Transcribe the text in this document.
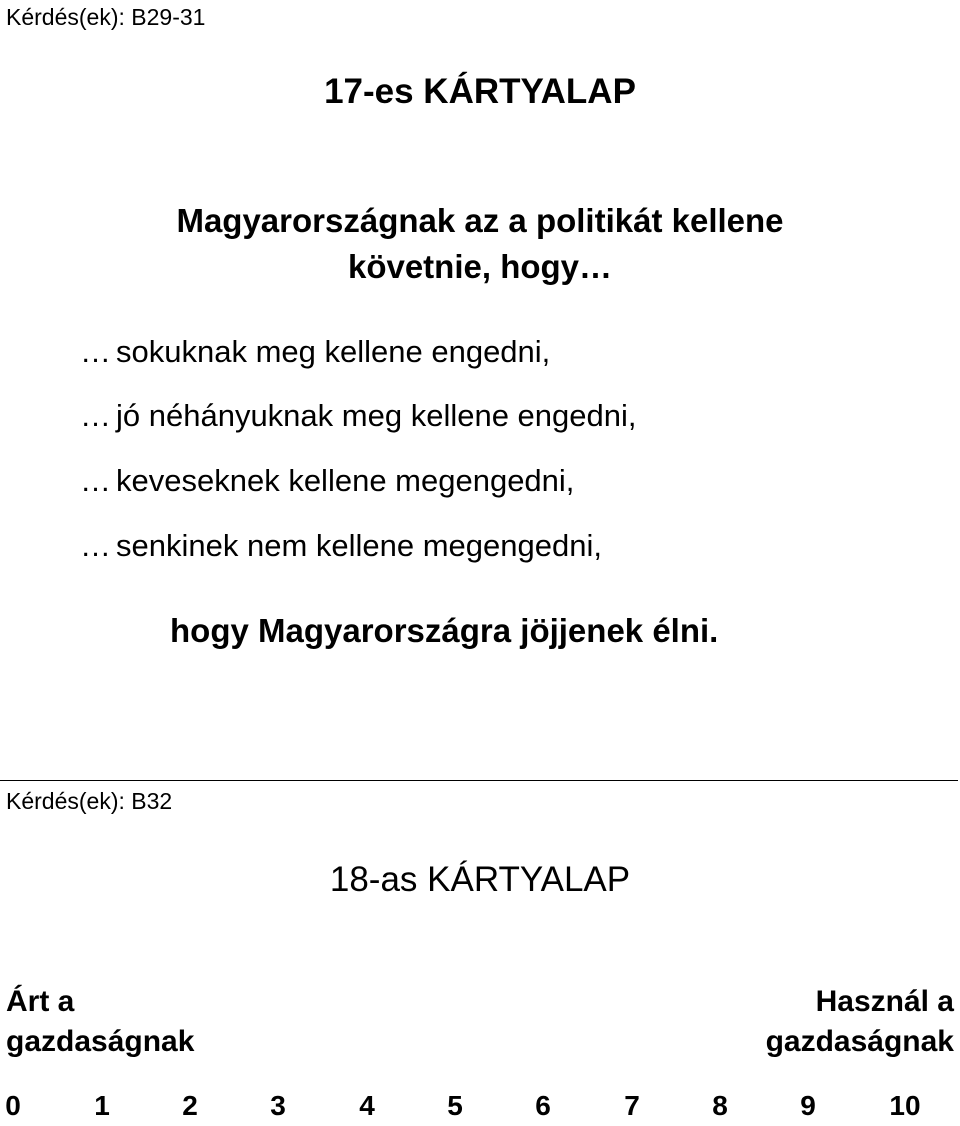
Kérdés(ek): B29-31
17-es KÁRTYALAP
Magyarországnak az a politikát kellene
követnie, hogy…
… sokuknak meg kellene engedni,
… jó néhányuknak meg kellene engedni,
… keveseknek kellene megengedni,
… senkinek nem kellene megengedni,
hogy Magyarországra jöjjenek élni.
Kérdés(ek): B32
18-as KÁRTYALAP
Árt a
gazdaságnak
Használ a
gazdaságnak
0	1	2	3	4	5	6	7	8	9	10
